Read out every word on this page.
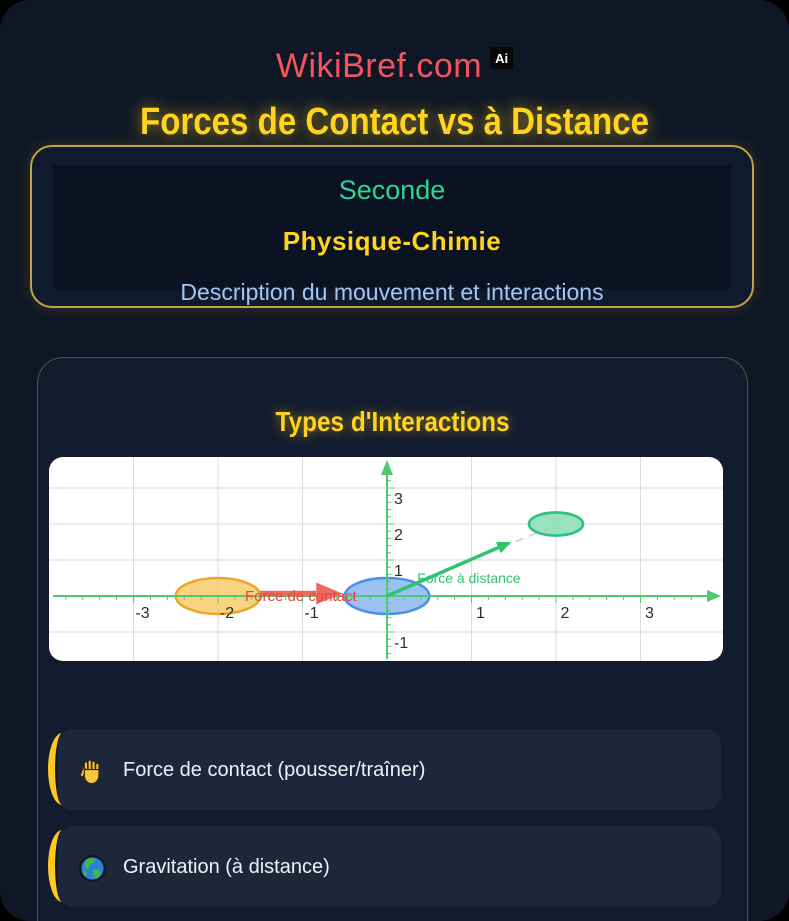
WikiBref.com	Ai
Forces de Contact vs à Distance
Seconde
Physique-Chimie
Description du mouvement et interactions
Types d'Interactions
-3	-2	-1	1	2	3
-1
1
2
3
Force de contact
Force à distance
Force de contact (pousser/traîner)
Gravitation (à distance)
